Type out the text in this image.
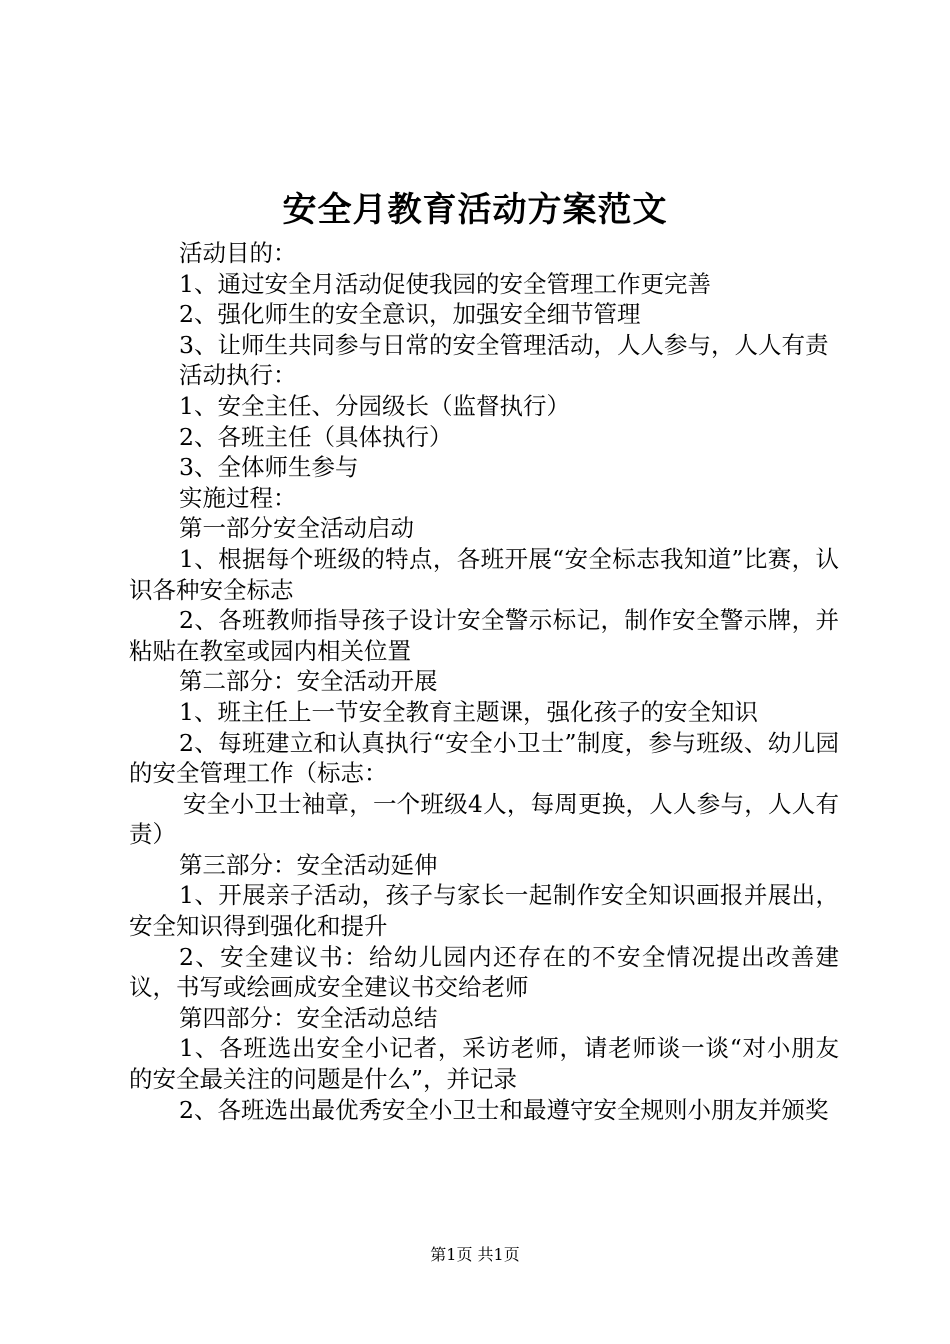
安全月教育活动方案范文

活动目的：

1、通过安全月活动促使我园的安全管理工作更完善

2、强化师生的安全意识，加强安全细节管理

3、让师生共同参与日常的安全管理活动，人人参与，人人有责

活动执行：

1、安全主任、分园级长（监督执行）

2、各班主任（具体执行）

3、全体师生参与

实施过程：

第一部分安全活动启动

1、根据每个班级的特点，各班开展“安全标志我知道”比赛，认识各种安全标志

2、各班教师指导孩子设计安全警示标记，制作安全警示牌，并粘贴在教室或园内相关位置

第二部分：安全活动开展

1、班主任上一节安全教育主题课，强化孩子的安全知识

2、每班建立和认真执行“安全小卫士”制度，参与班级、幼儿园的安全管理工作（标志：

安全小卫士袖章，一个班级4人，每周更换，人人参与，人人有责）

第三部分：安全活动延伸

1、开展亲子活动，孩子与家长一起制作安全知识画报并展出，安全知识得到强化和提升

2、安全建议书：给幼儿园内还存在的不安全情况提出改善建议，书写或绘画成安全建议书交给老师

第四部分：安全活动总结

1、各班选出安全小记者，采访老师，请老师谈一谈“对小朋友的安全最关注的问题是什么”，并记录

2、各班选出最优秀安全小卫士和最遵守安全规则小朋友并颁奖

第1页 共1页
